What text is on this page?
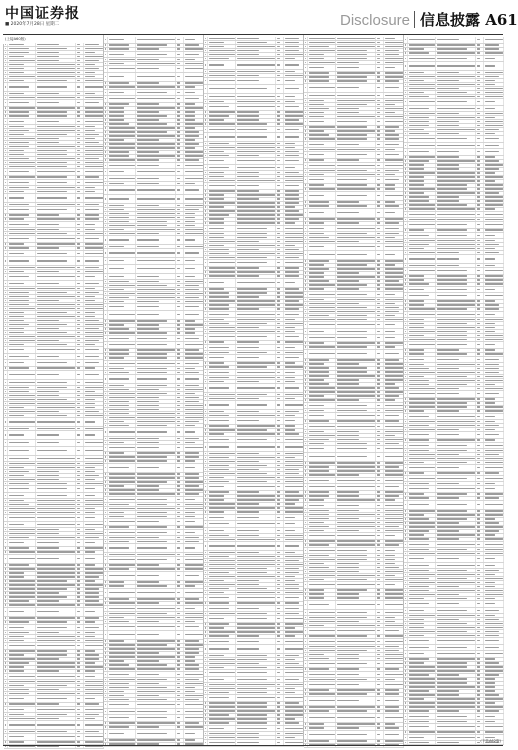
中国证券报
■ 2020年7月28日 星期二	Disclosure 信息披露 A61
(上接A60版)
(下转A62版)
